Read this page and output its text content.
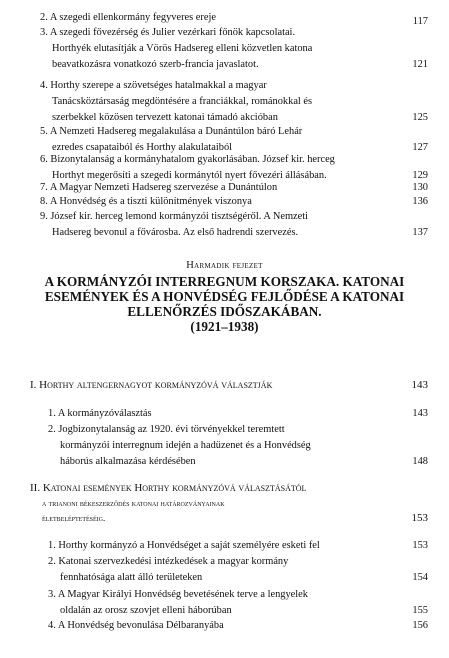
2. A szegedi ellenkormány fegyveres ereje	117
3. A szegedi fővezérség és Julier vezérkari főnök kapcsolatai.
Horthyék elutasítják a Vörös Hadsereg elleni közvetlen katona
beavatkozásra vonatkozó szerb-francia javaslatot.	121
4. Horthy szerepe a szövetséges hatalmakkal a magyar
Tanácsköztársaság megdöntésére a franciákkal, románokkal és
szerbekkel közösen tervezett katonai támadó akcióban	125
5. A Nemzeti Hadsereg megalakulása a Dunántúlon báró Lehár
ezredes csapataiból és Horthy alakulataiból	127
6. Bizonytalanság a kormányhatalom gyakorlásában. József kir. herceg
Horthyt megerősíti a szegedi kormánytól nyert fővezéri állásában.	129
7. A Magyar Nemzeti Hadsereg szervezése a Dunántúlon	130
8. A Honvédség és a tiszti különítmények viszonya	136
9. József kir. herceg lemond kormányzói tisztségéről. A Nemzeti
Hadsereg bevonul a fővárosba. Az első hadrendi szervezés.	137
Harmadik fejezet
A KORMÁNYZÓI INTERREGNUM KORSZAKA. KATONAI
ESEMÉNYEK ÉS A HONVÉDSÉG FEJLŐDÉSE A KATONAI
ELLENŐRZÉS IDŐSZAKÁBAN.
(1921–1938)
I. Horthy altengernagyot kormányzóvá választják	143
1. A kormányzóválasztás	143
2. Jogbizonytalanság az 1920. évi törvényekkel teremtett
kormányzói interregnum idején a hadüzenet és a Honvédség
háborús alkalmazása kérdésében	148
II. Katonai események Horthy kormányzóvá választásától
a trianoni békeszerződés katonai határozványainak
életbeléptetéséig.	153
1. Horthy kormányzó a Honvédséget a saját személyére esketi fel	153
2. Katonai szervezkedési intézkedések a magyar kormány
fennhatósága alatt álló területeken	154
3. A Magyar Királyi Honvédség bevetésének terve a lengyelek
oldalán az orosz szovjet elleni háborúban	155
4. A Honvédség bevonulása Délbaranyába	156
